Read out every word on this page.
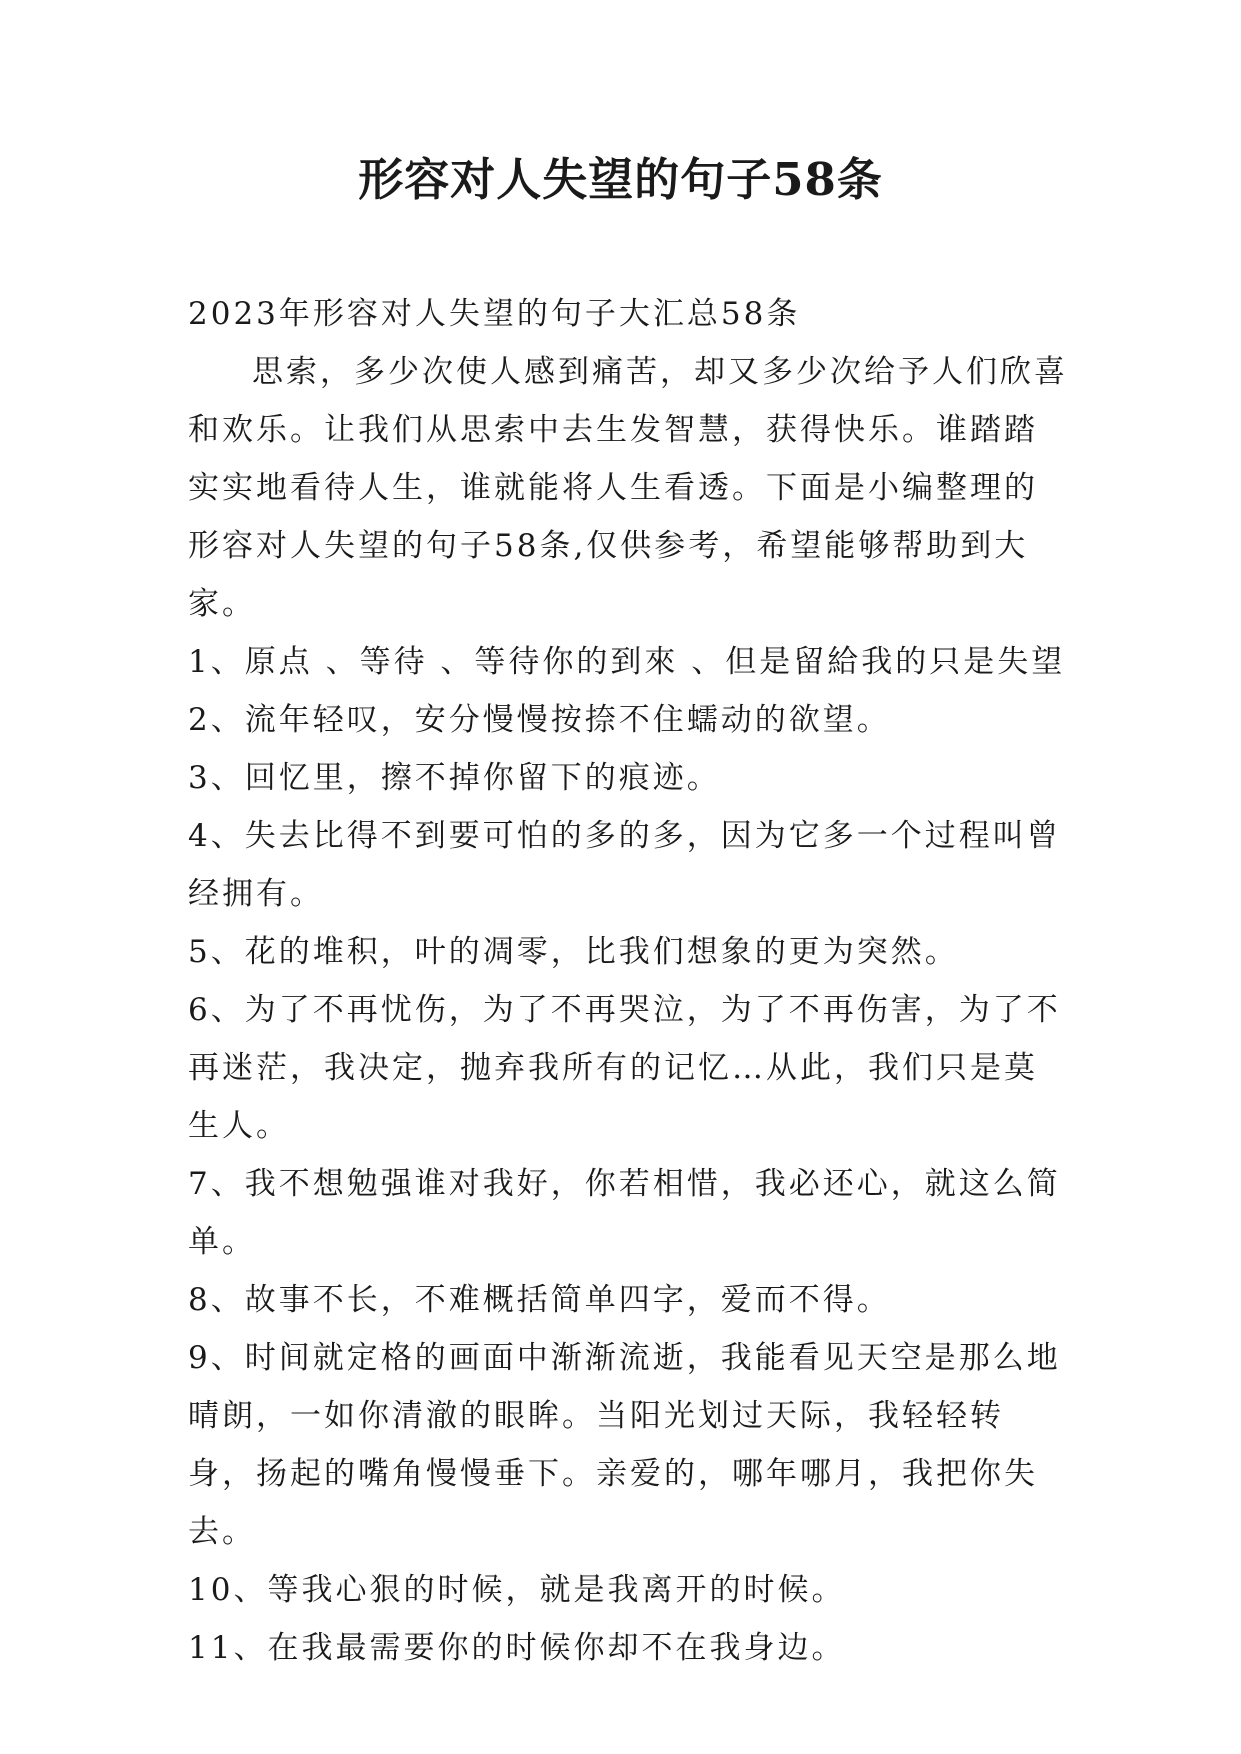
形容对人失望的句子58条

2023年形容对人失望的句子大汇总58条

思索，多少次使人感到痛苦，却又多少次给予人们欣喜和欢乐。让我们从思索中去生发智慧，获得快乐。谁踏踏实实地看待人生，谁就能将人生看透。下面是小编整理的形容对人失望的句子58条,仅供参考，希望能够帮助到大家。

1、原点 、等待 、等待你的到來 、但是留給我的只是失望

2、流年轻叹，安分慢慢按捺不住蠕动的欲望。

3、回忆里，擦不掉你留下的痕迹。

4、失去比得不到要可怕的多的多，因为它多一个过程叫曾经拥有。

5、花的堆积，叶的凋零，比我们想象的更为突然。

6、为了不再忧伤，为了不再哭泣，为了不再伤害，为了不再迷茫，我决定，抛弃我所有的记忆…从此，我们只是莫生人。

7、我不想勉强谁对我好，你若相惜，我必还心，就这么简单。

8、故事不长，不难概括简单四字，爱而不得。

9、时间就定格的画面中渐渐流逝，我能看见天空是那么地晴朗，一如你清澈的眼眸。当阳光划过天际，我轻轻转身，扬起的嘴角慢慢垂下。亲爱的，哪年哪月，我把你失去。

10、等我心狠的时候，就是我离开的时候。

11、在我最需要你的时候你却不在我身边。
